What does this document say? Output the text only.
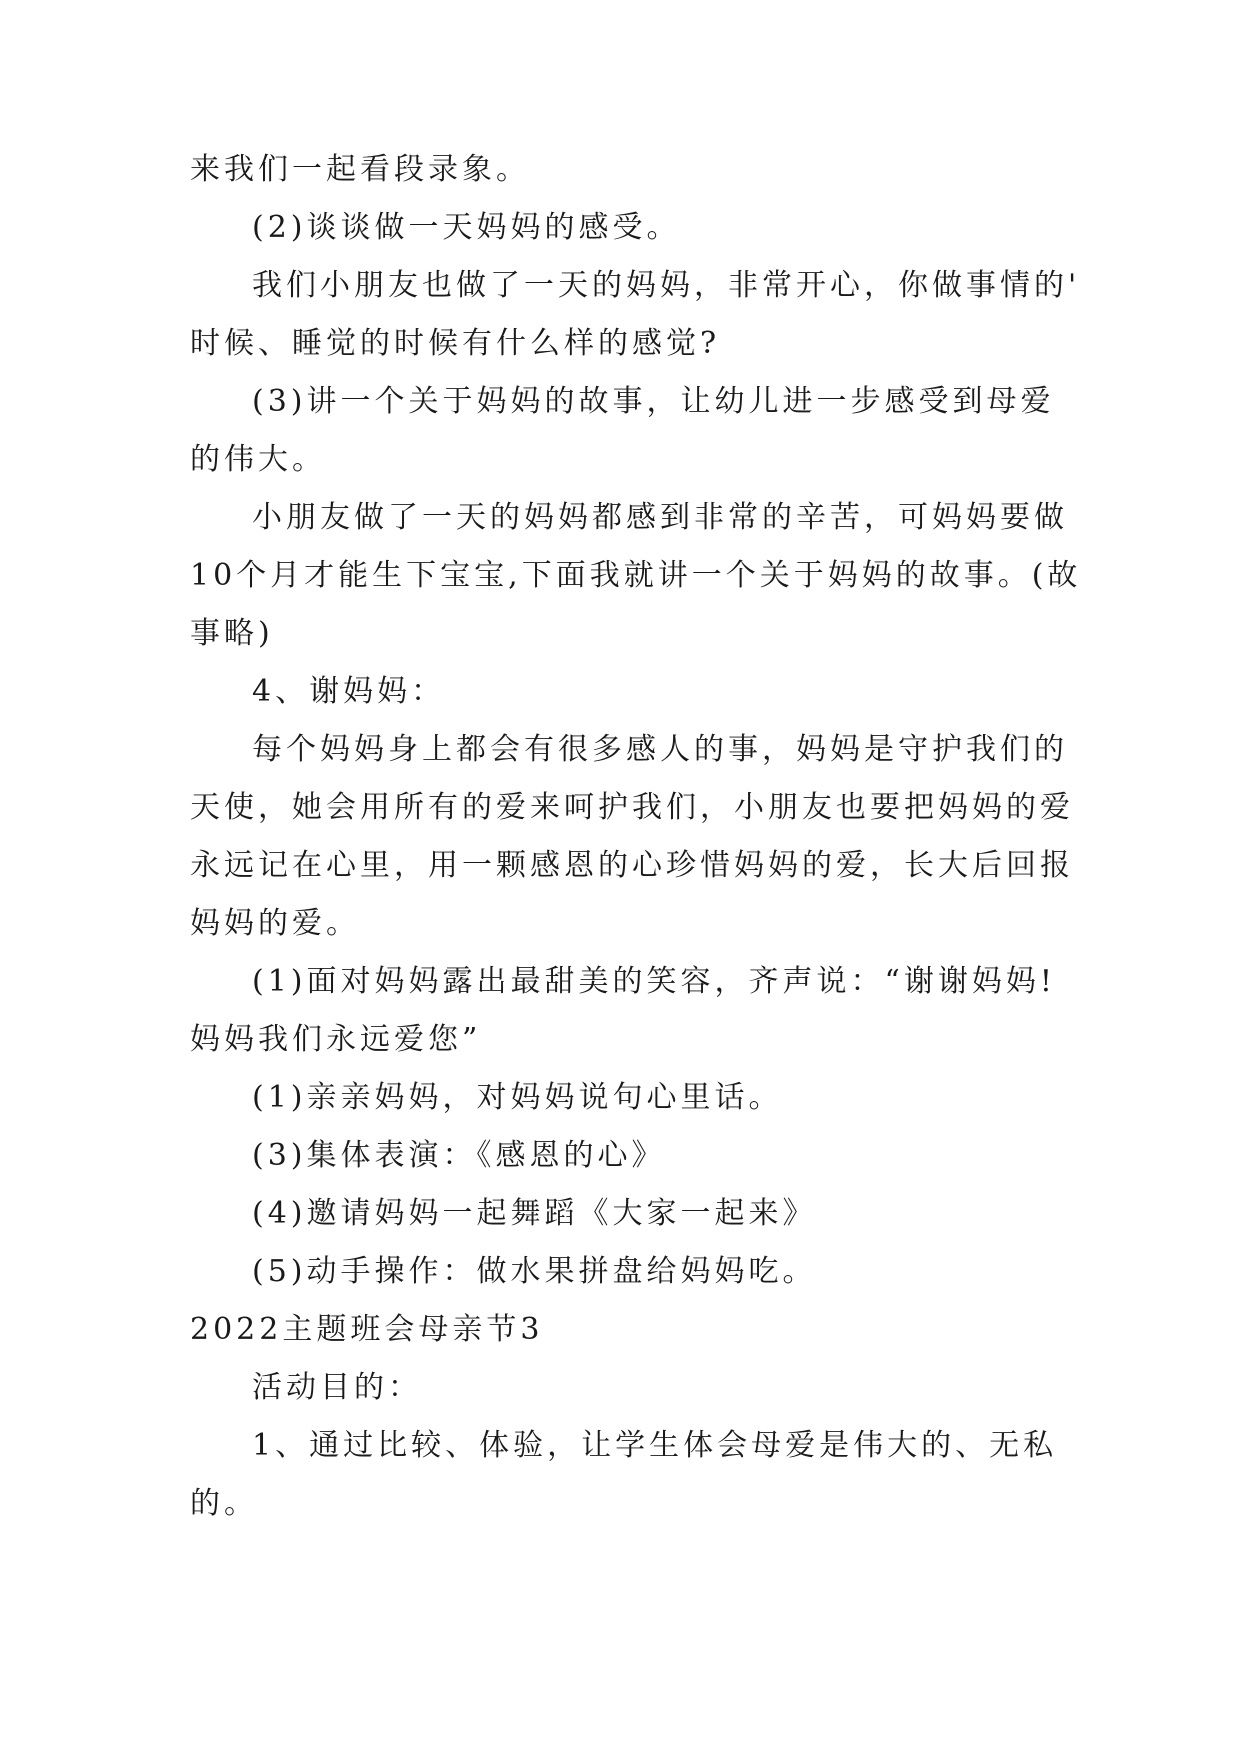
来我们一起看段录象。
(2)谈谈做一天妈妈的感受。
我们小朋友也做了一天的妈妈，非常开心，你做事情的'
时候、睡觉的时候有什么样的感觉?
(3)讲一个关于妈妈的故事，让幼儿进一步感受到母爱
的伟大。
小朋友做了一天的妈妈都感到非常的辛苦，可妈妈要做
10个月才能生下宝宝,下面我就讲一个关于妈妈的故事。(故
事略)
4、谢妈妈：
每个妈妈身上都会有很多感人的事，妈妈是守护我们的
天使，她会用所有的爱来呵护我们，小朋友也要把妈妈的爱
永远记在心里，用一颗感恩的心珍惜妈妈的爱，长大后回报
妈妈的爱。
(1)面对妈妈露出最甜美的笑容，齐声说：“谢谢妈妈!
妈妈我们永远爱您”
(1)亲亲妈妈，对妈妈说句心里话。
(3)集体表演：《感恩的心》
(4)邀请妈妈一起舞蹈《大家一起来》
(5)动手操作：做水果拼盘给妈妈吃。
2022主题班会母亲节3
活动目的：
1、通过比较、体验，让学生体会母爱是伟大的、无私
的。
